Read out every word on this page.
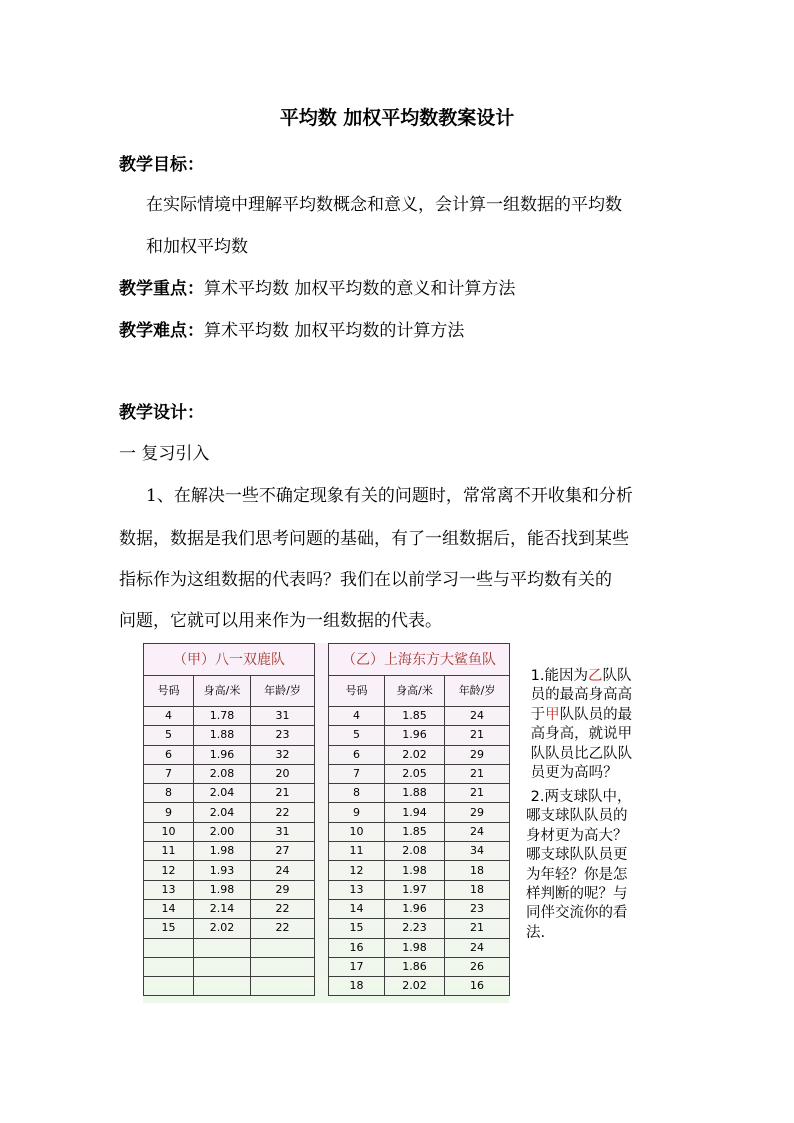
平均数 加权平均数教案设计
教学目标：
在实际情境中理解平均数概念和意义，会计算一组数据的平均数
和加权平均数
教学重点：算术平均数 加权平均数的意义和计算方法
教学难点：算术平均数 加权平均数的计算方法
教学设计：
一 复习引入
1、在解决一些不确定现象有关的问题时，常常离不开收集和分析
数据，数据是我们思考问题的基础，有了一组数据后，能否找到某些
指标作为这组数据的代表吗？我们在以前学习一些与平均数有关的
问题，它就可以用来作为一组数据的代表。
（甲）八一双鹿队				（乙）上海东方大鲨鱼队		
号码	身高/米	年龄/岁		号码	身高/米	年龄/岁
4	1.78	31		4	1.85	24
5	1.88	23		5	1.96	21
6	1.96	32		6	2.02	29
7	2.08	20		7	2.05	21
8	2.04	21		8	1.88	21
9	2.04	22		9	1.94	29
10	2.00	31		10	1.85	24
11	1.98	27		11	2.08	34
12	1.93	24		12	1.98	18
13	1.98	29		13	1.97	18
14	2.14	22		14	1.96	23
15	2.02	22		15	2.23	21
				16	1.98	24
				17	1.86	26
				18	2.02	16
1.能因为乙队队
员的最高身高高
于甲队队员的最
高身高，就说甲
队队员比乙队队
员更为高吗？
2.两支球队中，
哪支球队队员的
身材更为高大？
哪支球队队员更
为年轻？你是怎
样判断的呢？与
同伴交流你的看
法.
